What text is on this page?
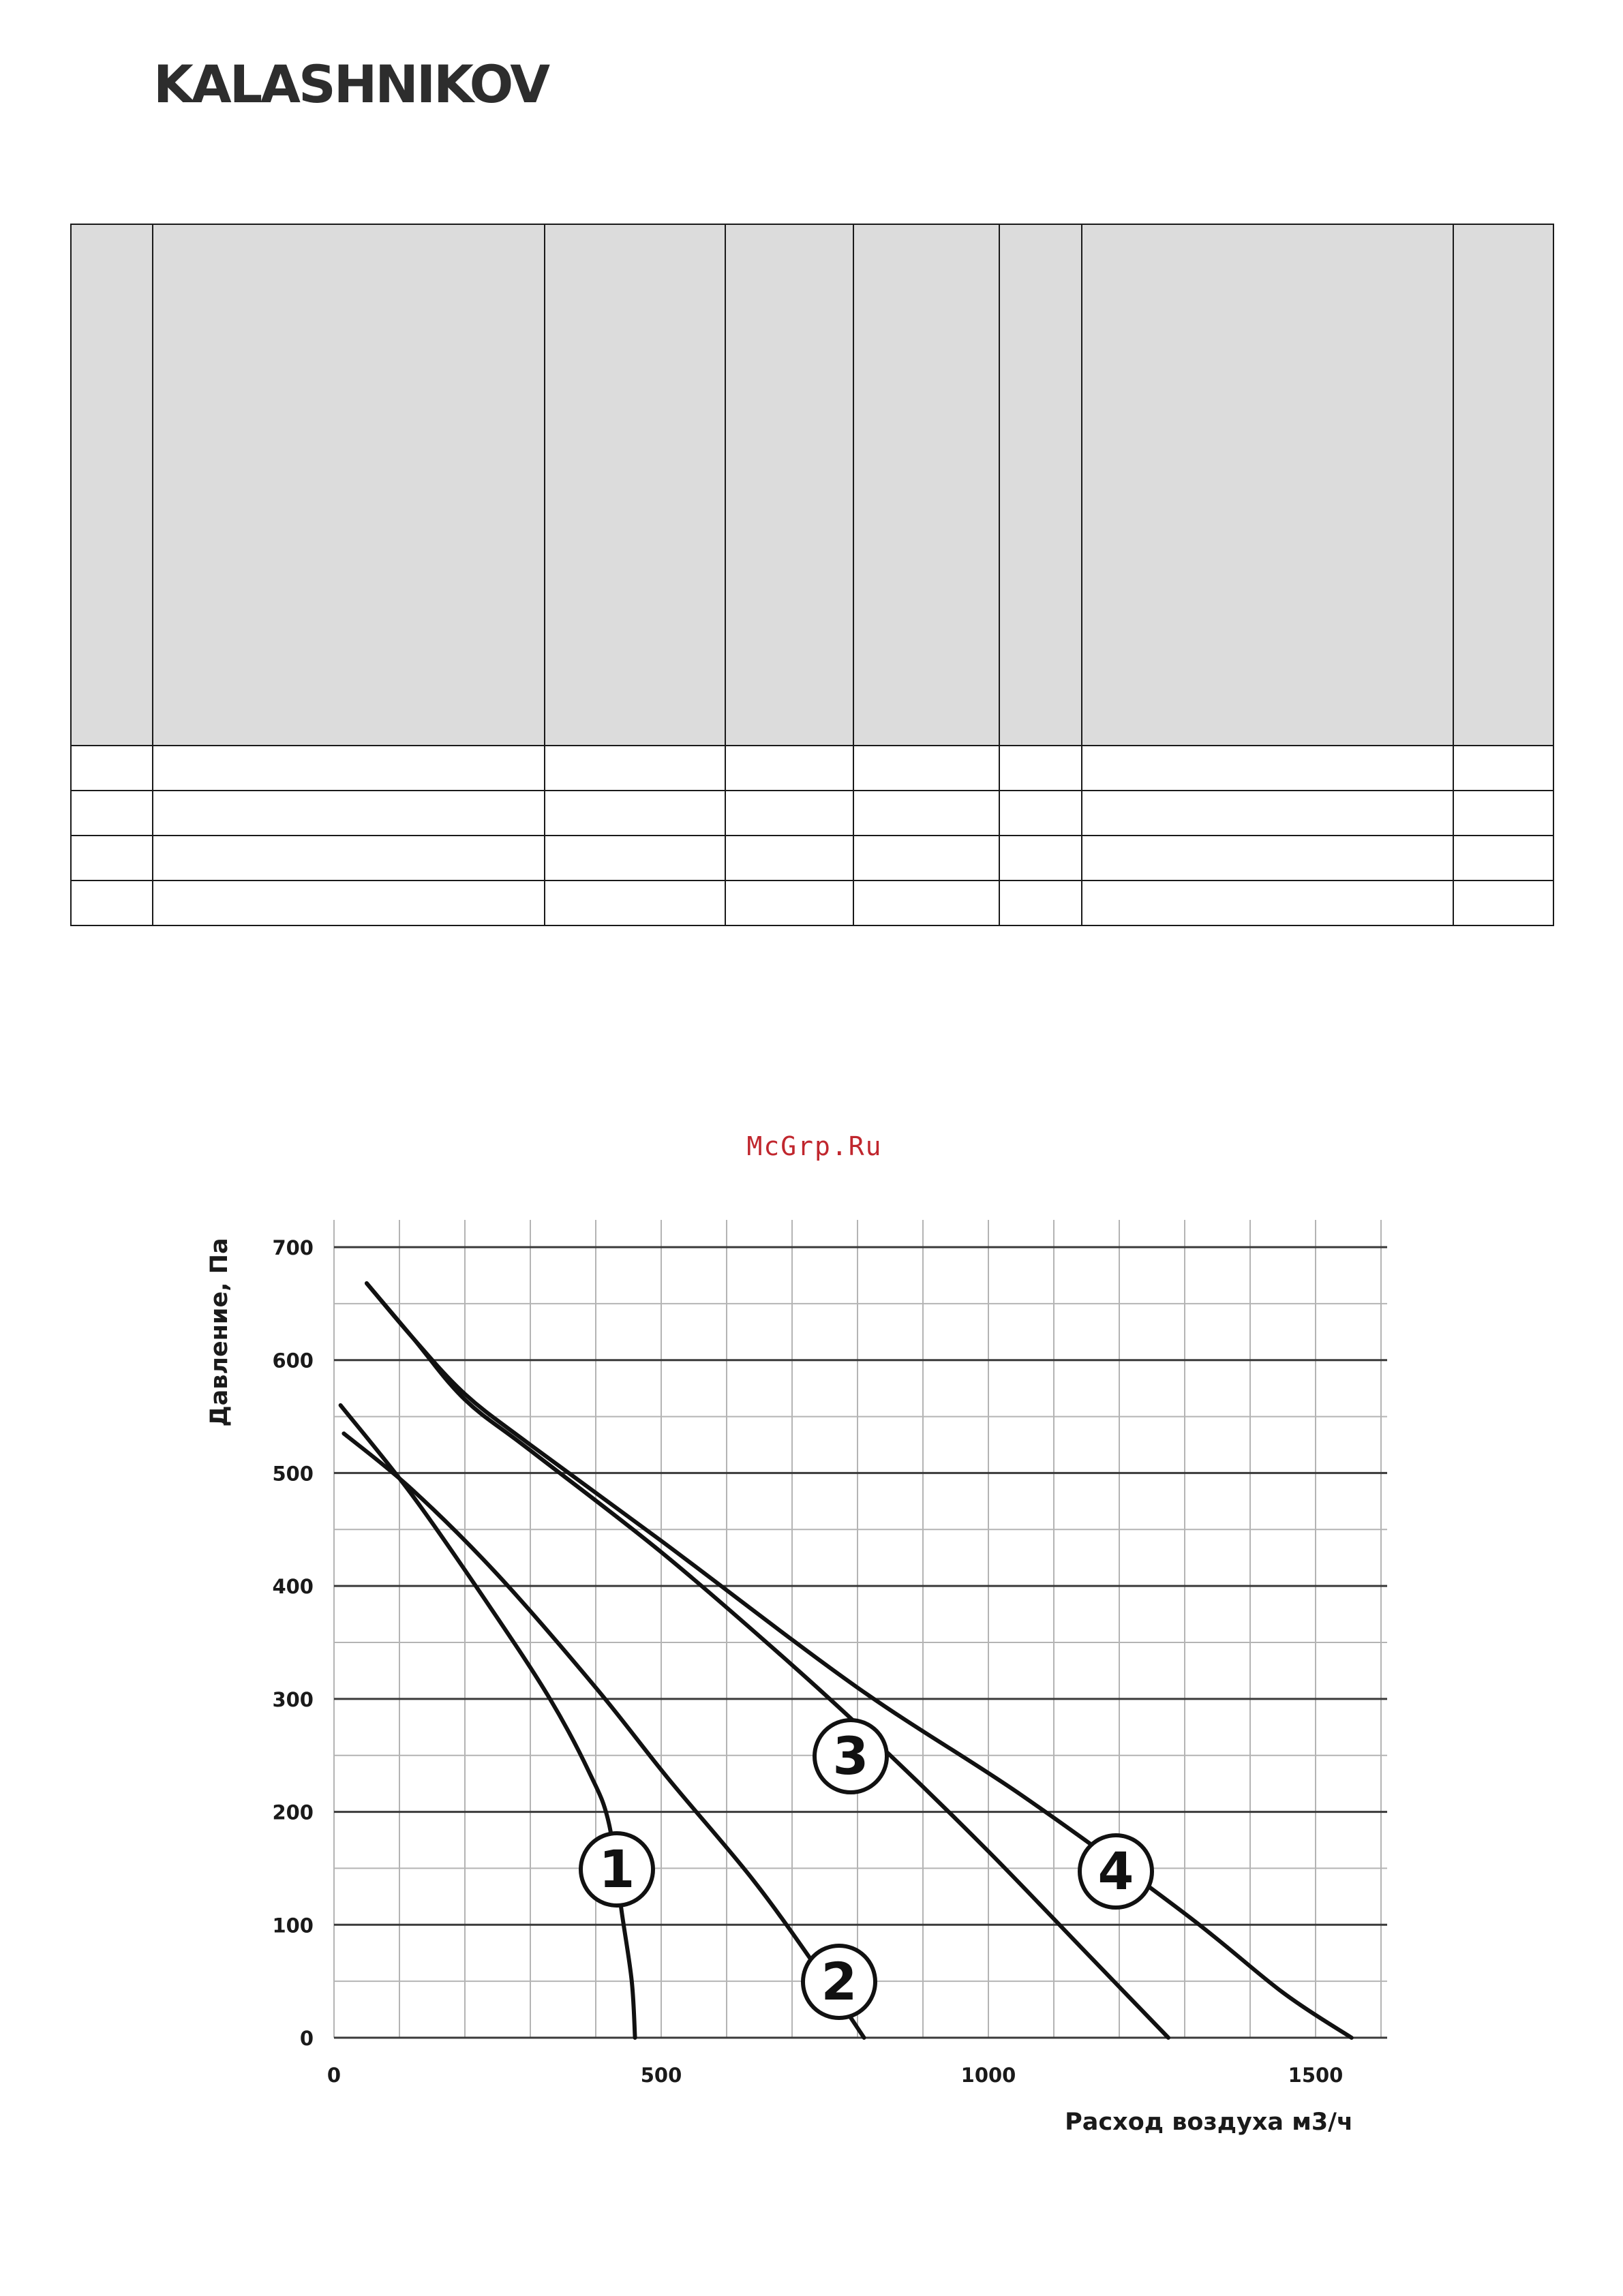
KALASHNIKOV

McGrp.Ru
1
2
3
4
0
100
200
300
400
500
600
700
0	500	1000	1500
Давление, Па
Расход воздуха м3/ч
